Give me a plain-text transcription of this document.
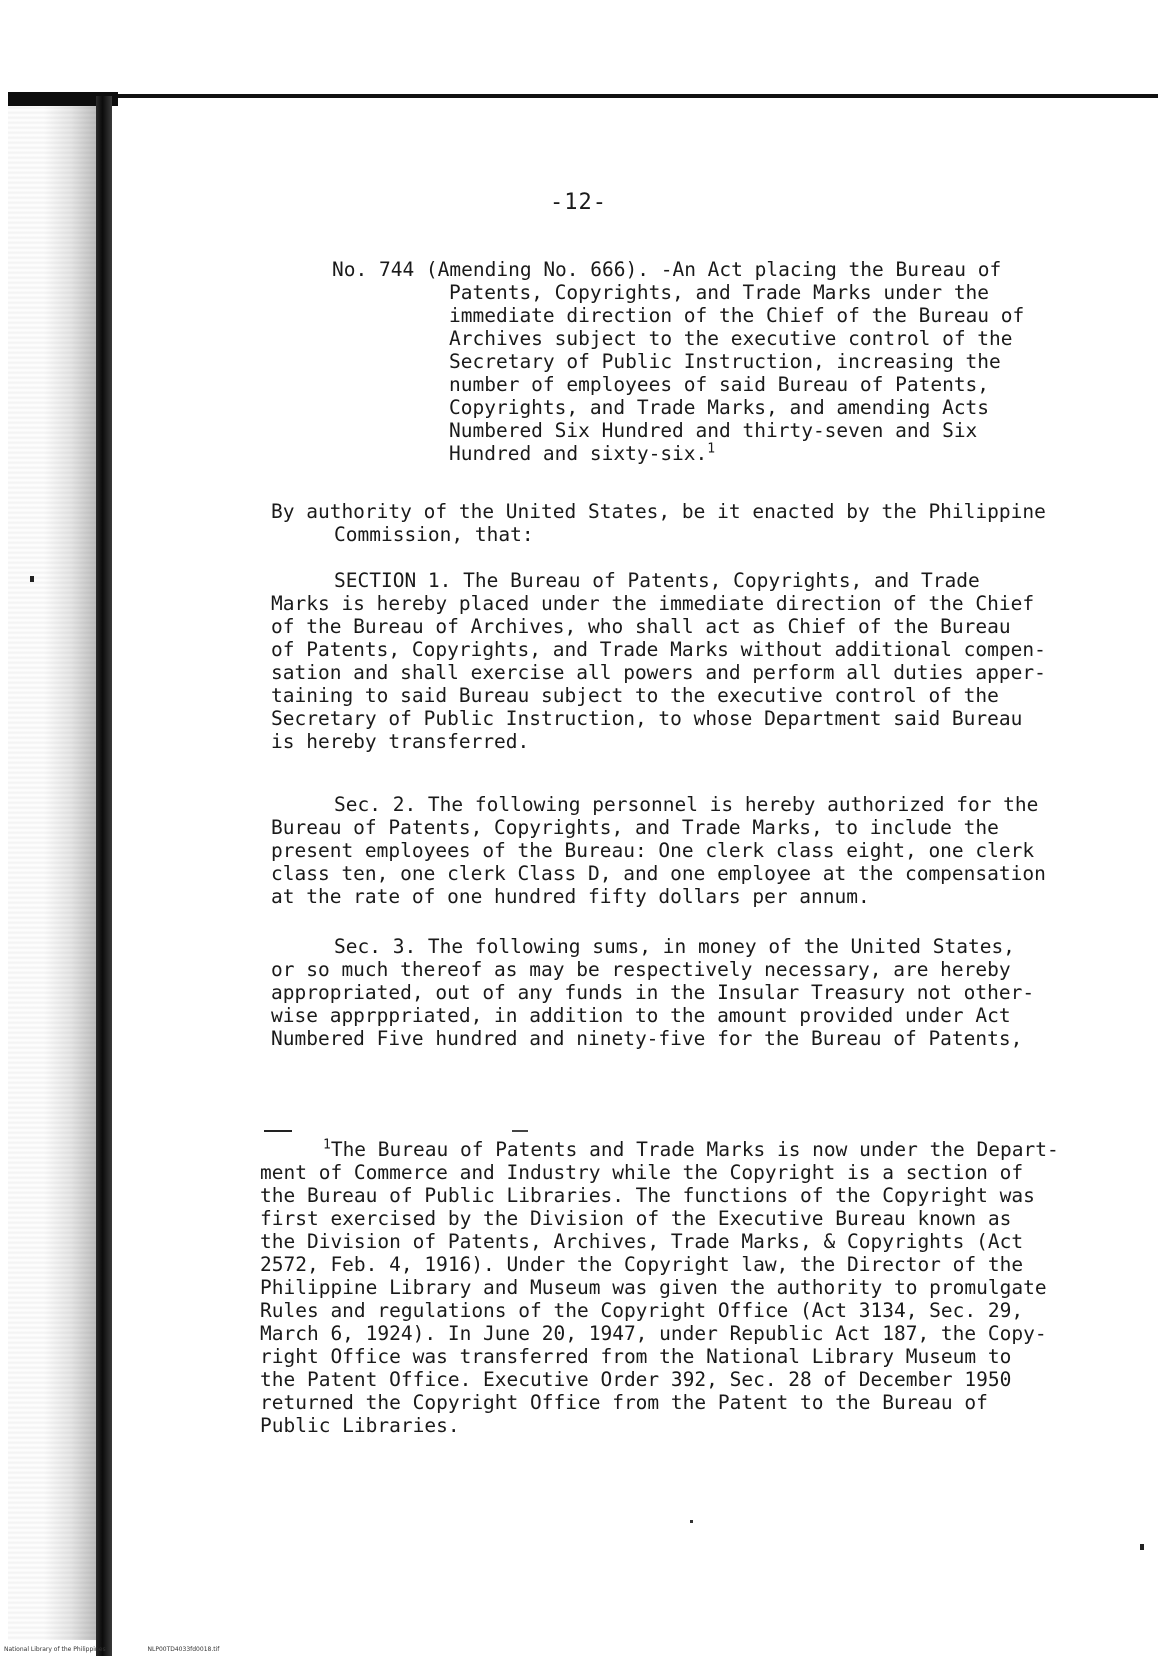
-12-
No. 744 (Amending No. 666). -An Act placing the Bureau of
Patents, Copyrights, and Trade Marks under the
immediate direction of the Chief of the Bureau of
Archives subject to the executive control of the
Secretary of Public Instruction, increasing the
number of employees of said Bureau of Patents,
Copyrights, and Trade Marks, and amending Acts
Numbered Six Hundred and thirty-seven and Six
Hundred and sixty-six.$^1$
By authority of the United States, be it enacted by the Philippine
Commission, that:
SECTION 1. The Bureau of Patents, Copyrights, and Trade
Marks is hereby placed under the immediate direction of the Chief
of the Bureau of Archives, who shall act as Chief of the Bureau
of Patents, Copyrights, and Trade Marks without additional compen-
sation and shall exercise all powers and perform all duties apper-
taining to said Bureau subject to the executive control of the
Secretary of Public Instruction, to whose Department said Bureau
is hereby transferred.
Sec. 2. The following personnel is hereby authorized for the
Bureau of Patents, Copyrights, and Trade Marks, to include the
present employees of the Bureau: One clerk class eight, one clerk
class ten, one clerk Class D, and one employee at the compensation
at the rate of one hundred fifty dollars per annum.
Sec. 3. The following sums, in money of the United States,
or so much thereof as may be respectively necessary, are hereby
appropriated, out of any funds in the Insular Treasury not other-
wise apprppriated, in addition to the amount provided under Act
Numbered Five hundred and ninety-five for the Bureau of Patents,
$^1$The Bureau of Patents and Trade Marks is now under the Depart-
ment of Commerce and Industry while the Copyright is a section of
the Bureau of Public Libraries. The functions of the Copyright was
first exercised by the Division of the Executive Bureau known as
the Division of Patents, Archives, Trade Marks, & Copyrights (Act
2572, Feb. 4, 1916). Under the Copyright law, the Director of the
Philippine Library and Museum was given the authority to promulgate
Rules and regulations of the Copyright Office (Act 3134, Sec. 29,
March 6, 1924). In June 20, 1947, under Republic Act 187, the Copy-
right Office was transferred from the National Library Museum to
the Patent Office. Executive Order 392, Sec. 28 of December 1950
returned the Copyright Office from the Patent to the Bureau of
Public Libraries.
National Library of the Philippines	NLP00TD4033fd0018.tif
